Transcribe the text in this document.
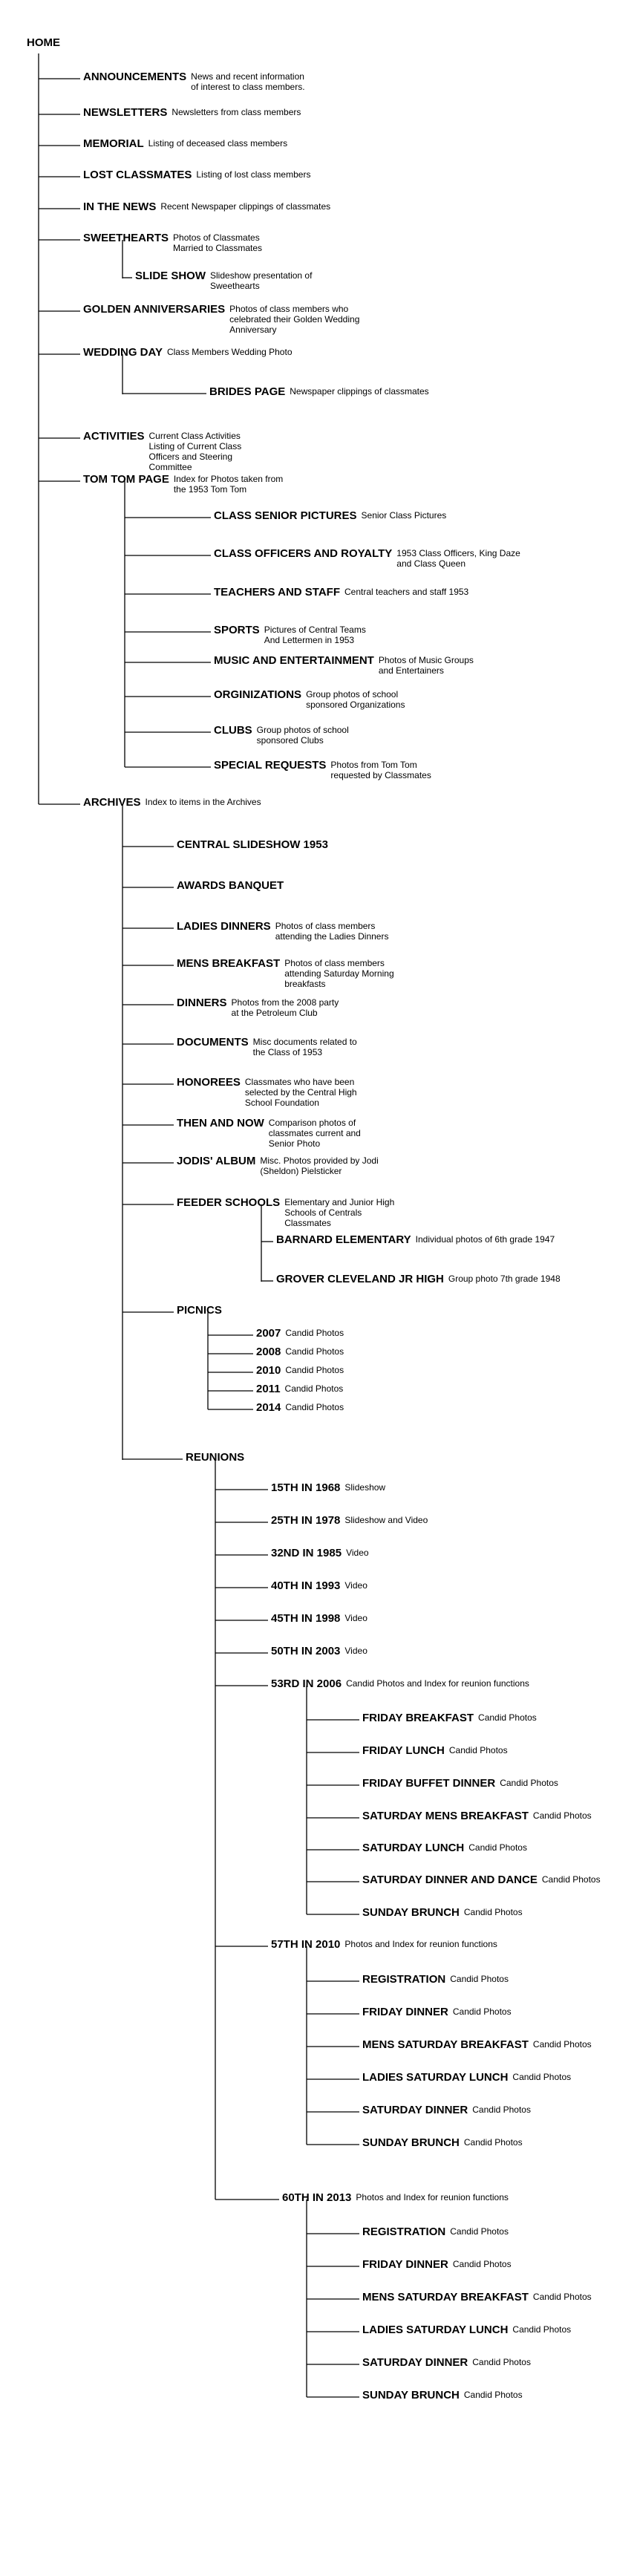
HOME
ANNOUNCEMENTS News and recent information of interest to class members.
NEWSLETTERS Newsletters from class members
MEMORIAL Listing of deceased class members
LOST CLASSMATES Listing of lost class members
IN THE NEWS Recent Newspaper clippings of classmates
SWEETHEARTS Photos of Classmates Married to Classmates
SLIDE SHOW Slideshow presentation of Sweethearts
GOLDEN ANNIVERSARIES Photos of class members who celebrated their Golden Wedding Anniversary
WEDDING DAY Class Members Wedding Photo
BRIDES PAGE Newspaper clippings of classmates
ACTIVITIES Current Class Activities Listing of Current Class Officers and Steering Committee
TOM TOM PAGE Index for Photos taken from the 1953 Tom Tom
CLASS SENIOR PICTURES Senior Class Pictures
CLASS OFFICERS AND ROYALTY 1953 Class Officers, King Daze and Class Queen
TEACHERS AND STAFF Central teachers and staff 1953
SPORTS Pictures of Central Teams And Lettermen in 1953
MUSIC AND ENTERTAINMENT Photos of Music Groups and Entertainers
ORGINIZATIONS Group photos of school sponsored Organizations
CLUBS Group photos of school sponsored Clubs
SPECIAL REQUESTS Photos from Tom Tom requested by Classmates
ARCHIVES Index to items in the Archives
CENTRAL SLIDESHOW 1953
AWARDS BANQUET
LADIES DINNERS Photos of class members attending the Ladies Dinners
MENS BREAKFAST Photos of class members attending Saturday Morning breakfasts
DINNERS Photos from the 2008 party at the Petroleum Club
DOCUMENTS Misc documents related to the Class of 1953
HONOREES Classmates who have been selected by the Central High School Foundation
THEN AND NOW Comparison photos of classmates current and Senior Photo
JODIS' ALBUM Misc. Photos provided by Jodi (Sheldon) Pielsticker
FEEDER SCHOOLS Elementary and Junior High Schools of Centrals Classmates
BARNARD ELEMENTARY Individual photos of 6th grade 1947
GROVER CLEVELAND JR HIGH Group photo 7th grade 1948
PICNICS
2007 Candid Photos
2008 Candid Photos
2010 Candid Photos
2011 Candid Photos
2014 Candid Photos
REUNIONS
15TH IN 1968 Slideshow
25TH IN 1978 Slideshow and Video
32ND IN 1985 Video
40TH IN 1993 Video
45TH IN 1998 Video
50TH IN 2003 Video
53RD IN 2006 Candid Photos and Index for reunion functions
FRIDAY BREAKFAST Candid Photos
FRIDAY LUNCH Candid Photos
FRIDAY BUFFET DINNER Candid Photos
SATURDAY MENS BREAKFAST Candid Photos
SATURDAY LUNCH Candid Photos
SATURDAY DINNER AND DANCE Candid Photos
SUNDAY BRUNCH Candid Photos
57TH IN 2010 Photos and Index for reunion functions
REGISTRATION Candid Photos
FRIDAY DINNER Candid Photos
MENS SATURDAY BREAKFAST Candid Photos
LADIES SATURDAY LUNCH Candid Photos
SATURDAY DINNER Candid Photos
SUNDAY BRUNCH Candid Photos
60TH IN 2013 Photos and Index for reunion functions
REGISTRATION Candid Photos
FRIDAY DINNER Candid Photos
MENS SATURDAY BREAKFAST Candid Photos
LADIES SATURDAY LUNCH Candid Photos
SATURDAY DINNER Candid Photos
SUNDAY BRUNCH Candid Photos
